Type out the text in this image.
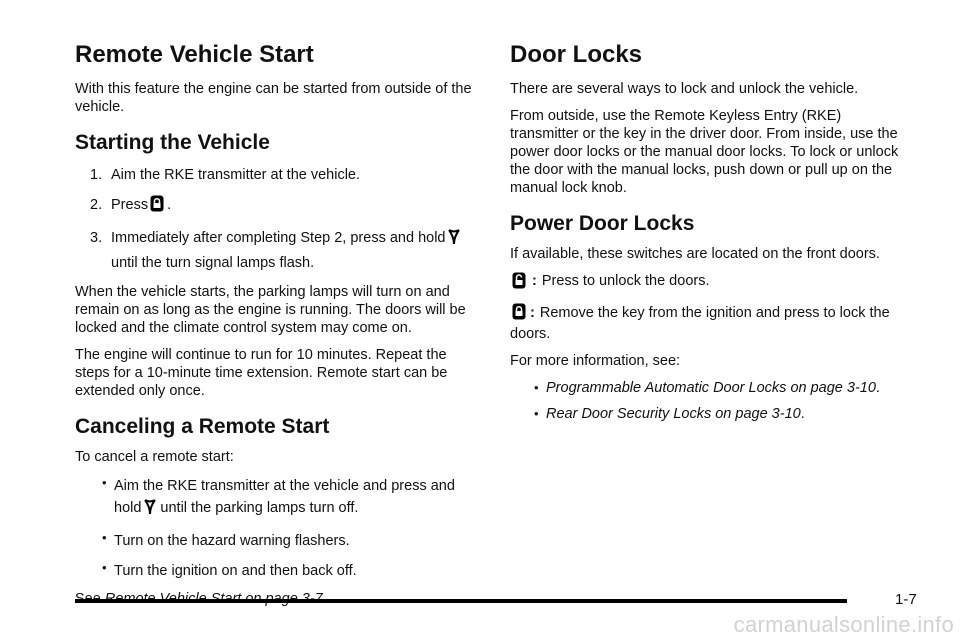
Remote Vehicle Start

With this feature the engine can be started from outside of the vehicle.

Starting the Vehicle
1. Aim the RKE transmitter at the vehicle.
2. Press .
3. Immediately after completing Step 2, press and holduntil the turn signal lamps flash.

When the vehicle starts, the parking lamps will turn on and remain on as long as the engine is running. The doors will be locked and the climate control system may come on.

The engine will continue to run for 10 minutes. Repeat the steps for a 10-minute time extension. Remote start can be extended only once.

Canceling a Remote Start

To cancel a remote start:

• Aim the RKE transmitter at the vehicle and press and hold until the parking lamps turn off.
• Turn on the hazard warning flashers.
• Turn the ignition on and then back off.

Door Locks

There are several ways to lock and unlock the vehicle.

From outside, use the Remote Keyless Entry (RKE) transmitter or the key in the driver door. From inside, use the power door locks or the manual door locks. To lock or unlock the door with the manual locks, push down or pull up on the manual lock knob.

Power Door Locks

If available, these switches are located on the front doors.

: Press to unlock the doors.

: Remove the key from the ignition and press to lock the doors.

For more information, see:

• Programmable Automatic Door Locks on page 3-10.
• Rear Door Security Locks on page 3-10.
1-7
carmanualsonline.info
